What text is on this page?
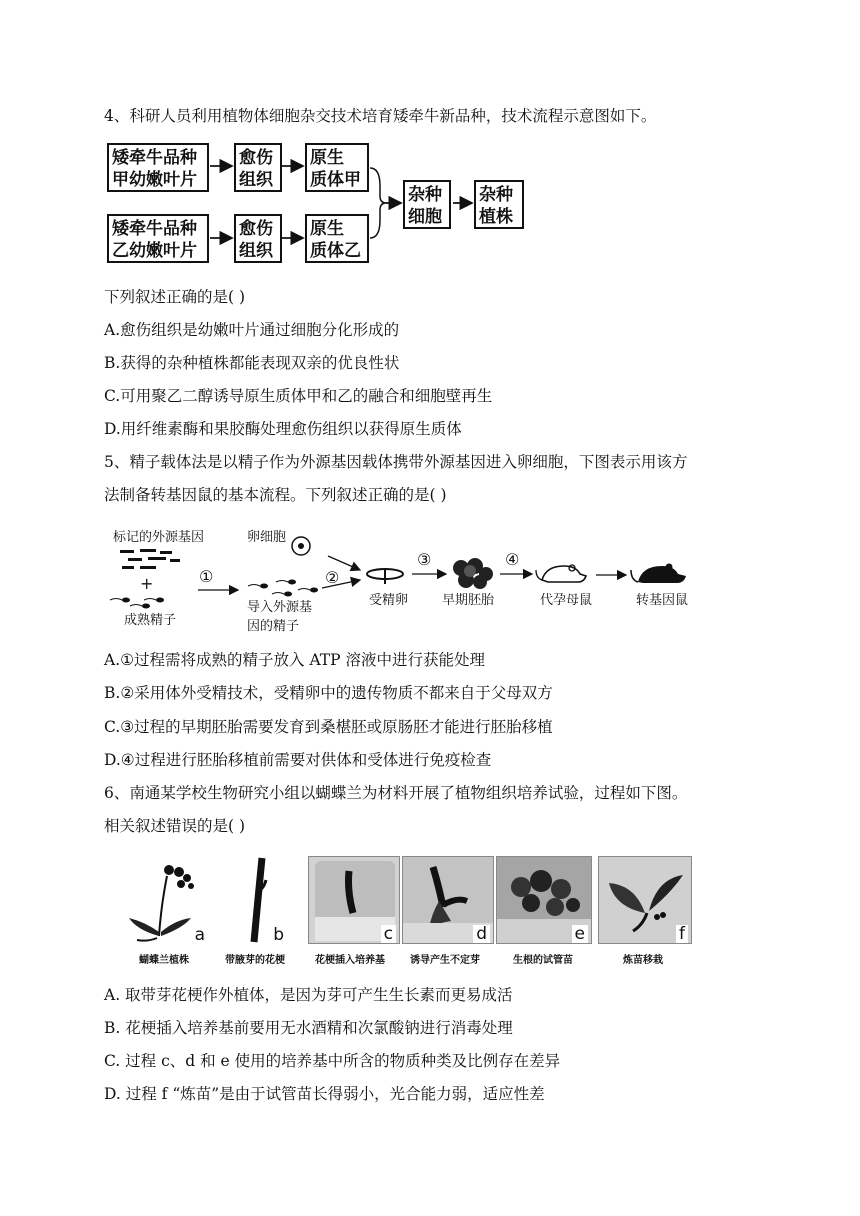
4、科研人员利用植物体细胞杂交技术培育矮牵牛新品种，技术流程示意图如下。
矮牵牛品种
甲幼嫩叶片
愈伤
组织
原生
质体甲
矮牵牛品种
乙幼嫩叶片
愈伤
组织
原生
质体乙
杂种
细胞
杂种
植株
下列叙述正确的是( )
A.愈伤组织是幼嫩叶片通过细胞分化形成的
B.获得的杂种植株都能表现双亲的优良性状
C.可用聚乙二醇诱导原生质体甲和乙的融合和细胞壁再生
D.用纤维素酶和果胶酶处理愈伤组织以获得原生质体
5、精子载体法是以精子作为外源基因载体携带外源基因进入卵细胞，下图表示用该方
法制备转基因鼠的基本流程。下列叙述正确的是( )
标记的外源基因
+
成熟精子
①
卵细胞
导入外源基
因的精子
②
受精卵
③
早期胚胎
④
代孕母鼠	转基因鼠
A.①过程需将成熟的精子放入 ATP 溶液中进行获能处理
B.②采用体外受精技术，受精卵中的遗传物质不都来自于父母双方
C.③过程的早期胚胎需要发育到桑椹胚或原肠胚才能进行胚胎移植
D.④过程进行胚胎移植前需要对供体和受体进行免疫检查
6、南通某学校生物研究小组以蝴蝶兰为材料开展了植物组织培养试验，过程如下图。
相关叙述错误的是( )
a	b	c	d	e	f
蝴蝶兰植株	带腋芽的花梗	花梗插入培养基	诱导产生不定芽	生根的试管苗	炼苗移栽
A. 取带芽花梗作外植体，是因为芽可产生生长素而更易成活
B. 花梗插入培养基前要用无水酒精和次氯酸钠进行消毒处理
C. 过程 c、d 和 e 使用的培养基中所含的物质种类及比例存在差异
D. 过程 f “炼苗”是由于试管苗长得弱小，光合能力弱，适应性差
